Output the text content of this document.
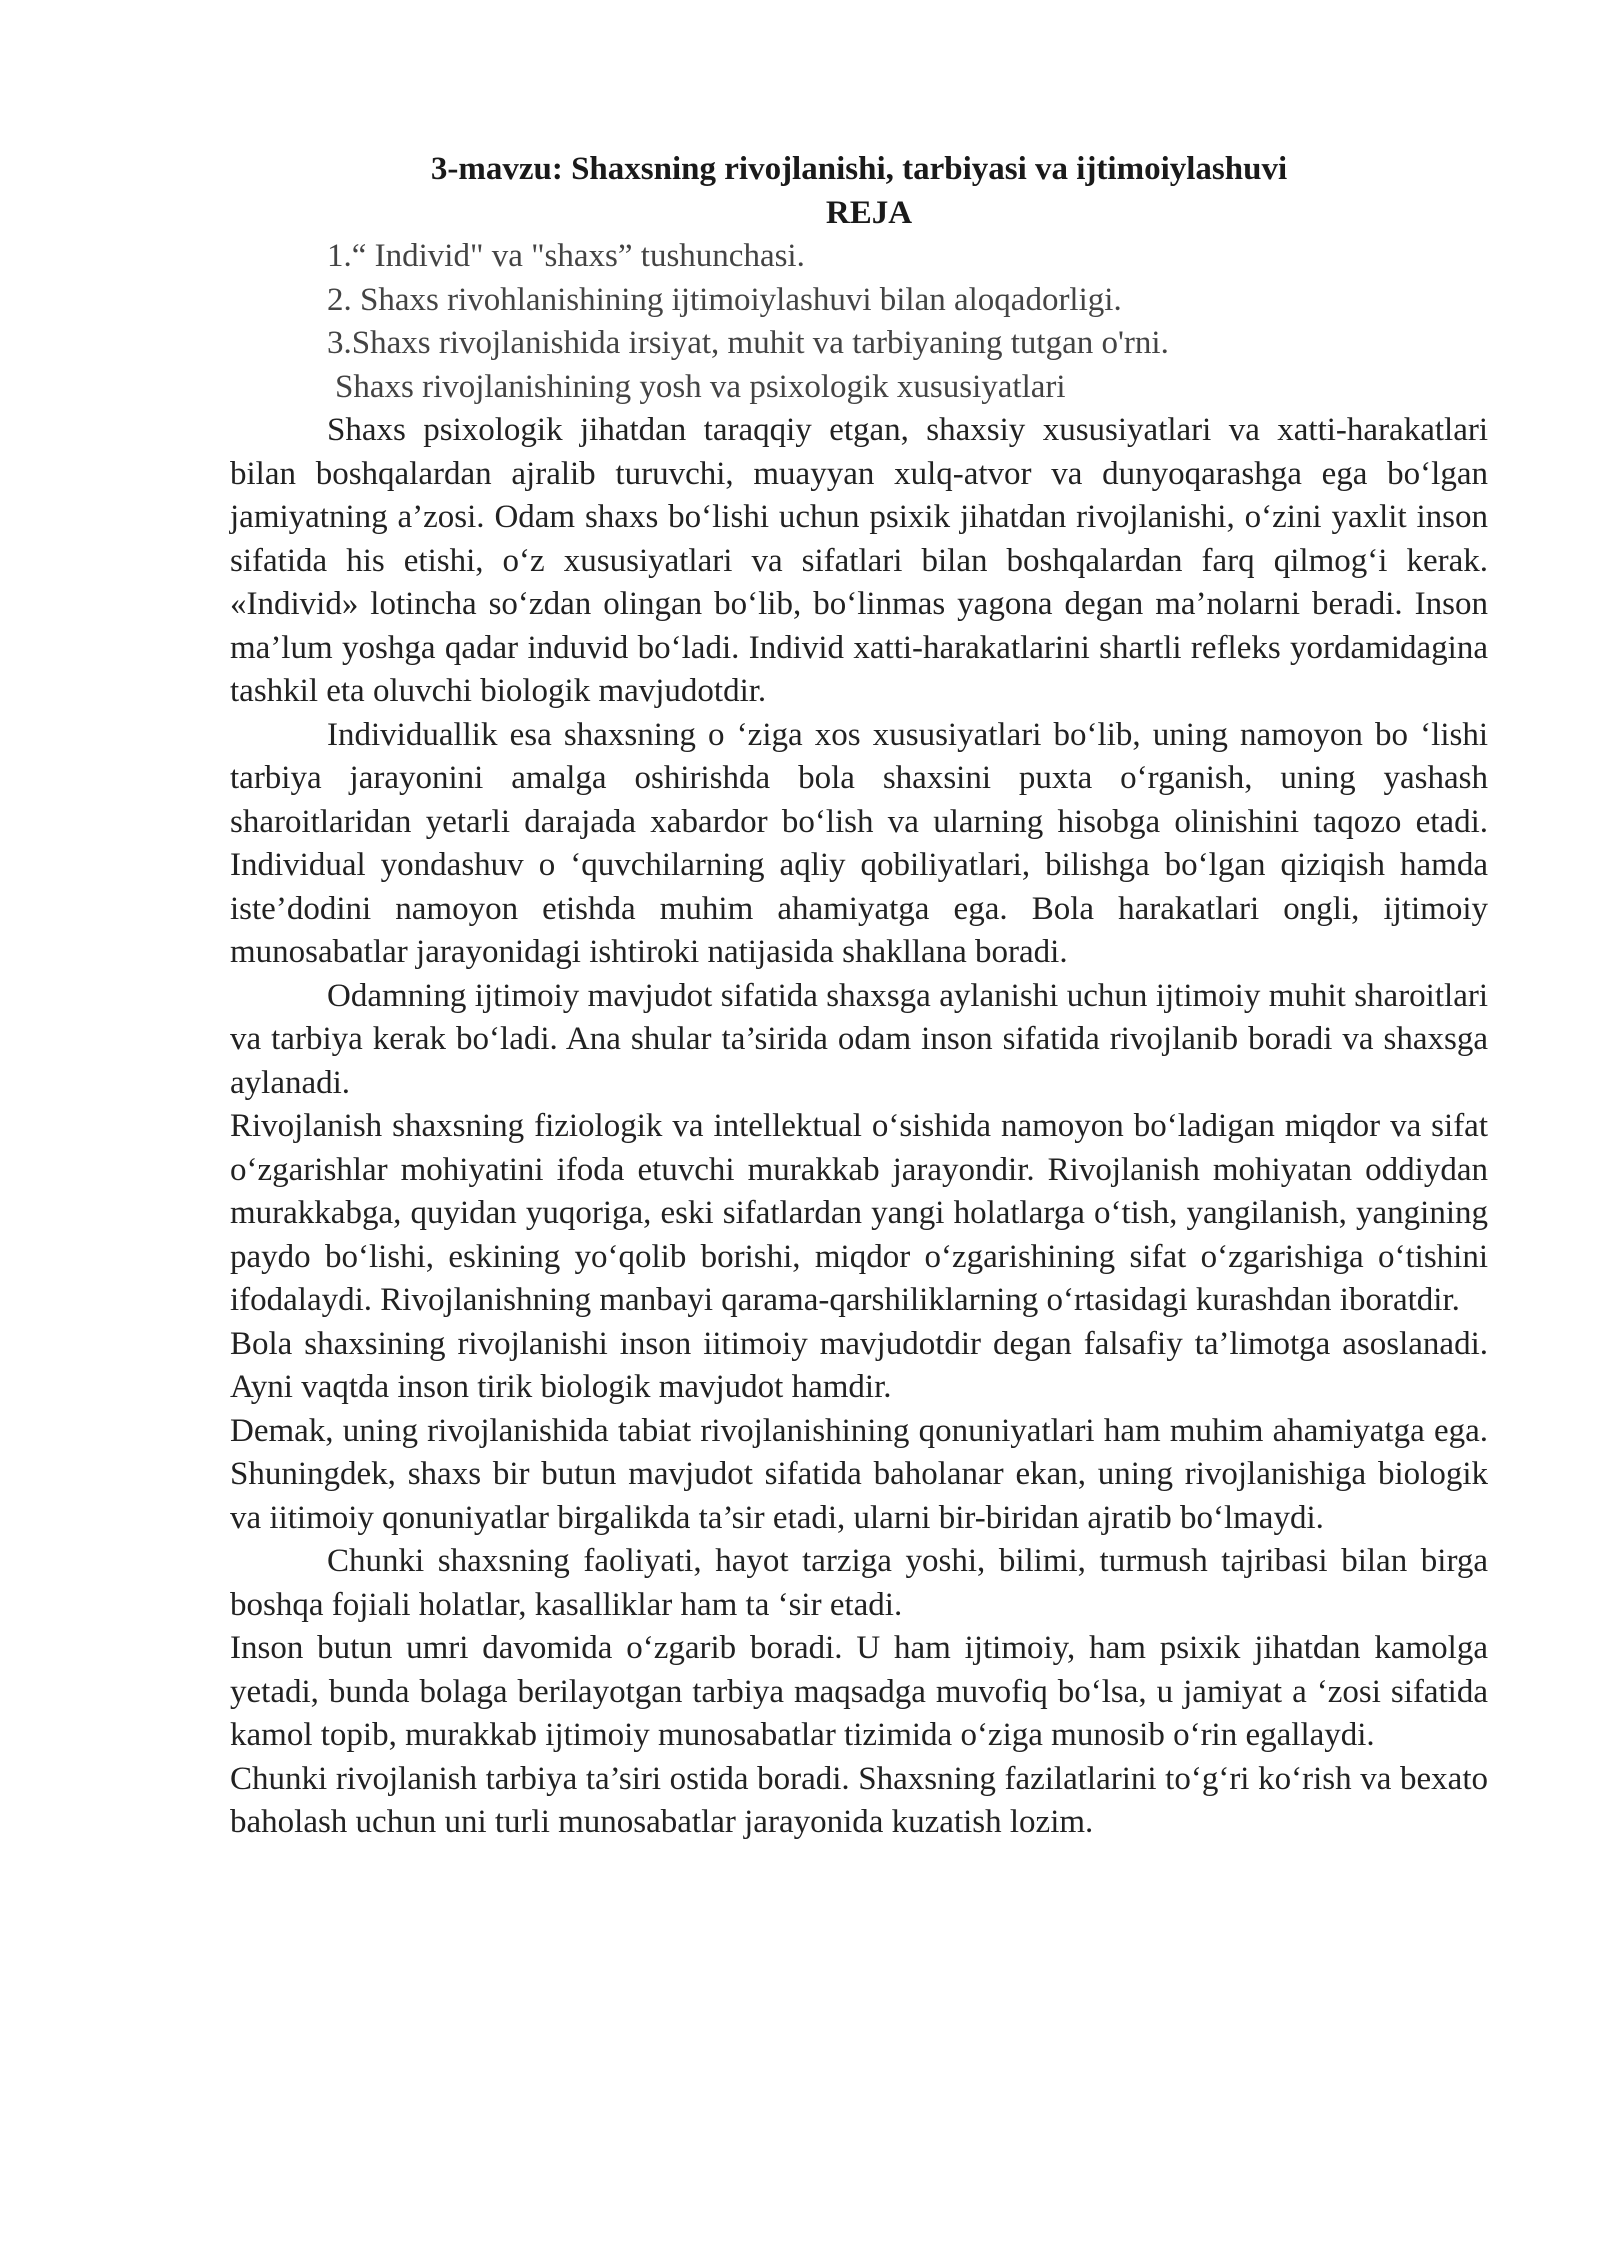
3-mavzu: Shaxsning rivojlanishi, tarbiyasi va ijtimoiylashuvi
REJA
1.“ Individ" va "shaxs” tushunchasi.
2. Shaxs rivohlanishining ijtimoiylashuvi bilan aloqadorligi.
3.Shaxs rivojlanishida irsiyat, muhit va tarbiyaning tutgan o'rni.
Shaxs rivojlanishining yosh va psixologik xususiyatlari

Shaxs psixologik jihatdan taraqqiy etgan, shaxsiy xususiyatlari va xatti-harakatlari bilan boshqalardan ajralib turuvchi, muayyan xulq-atvor va dunyoqarashga ega bo‘lgan jamiyatning a’zosi. Odam shaxs bo‘lishi uchun psixik jihatdan rivojlanishi, o‘zini yaxlit inson sifatida his etishi, o‘z xususiyatlari va sifatlari bilan boshqalardan farq qilmog‘i kerak. «Individ» lotincha so‘zdan olingan bo‘lib, bo‘linmas yagona degan ma’nolarni beradi. Inson ma’lum yoshga qadar induvid bo‘ladi. Individ xatti-harakatlarini shartli refleks yordamidagina tashkil eta oluvchi biologik mavjudotdir.

Individuallik esa shaxsning o ‘ziga xos xususiyatlari bo‘lib, uning namoyon bo ‘lishi tarbiya jarayonini amalga oshirishda bola shaxsini puxta o‘rganish, uning yashash sharoitlaridan yetarli darajada xabardor bo‘lish va ularning hisobga olinishini taqozo etadi. Individual yondashuv o ‘quvchilarning aqliy qobiliyatlari, bilishga bo‘lgan qiziqish hamda iste’dodini namoyon etishda muhim ahamiyatga ega. Bola harakatlari ongli, ijtimoiy munosabatlar jarayonidagi ishtiroki natijasida shakllana boradi.

Odamning ijtimoiy mavjudot sifatida shaxsga aylanishi uchun ijtimoiy muhit sharoitlari va tarbiya kerak bo‘ladi. Ana shular ta’sirida odam inson sifatida rivojlanib boradi va shaxsga aylanadi.

Rivojlanish shaxsning fiziologik va intellektual o‘sishida namoyon bo‘ladigan miqdor va sifat o‘zgarishlar mohiyatini ifoda etuvchi murakkab jarayondir. Rivojlanish mohiyatan oddiydan murakkabga, quyidan yuqoriga, eski sifatlardan yangi holatlarga o‘tish, yangilanish, yangining paydo bo‘lishi, eskining yo‘qolib borishi, miqdor o‘zgarishining sifat o‘zgarishiga o‘tishini ifodalaydi. Rivojlanishning manbayi qarama-qarshiliklarning o‘rtasidagi kurashdan iboratdir.

Bola shaxsining rivojlanishi inson iitimoiy mavjudotdir degan falsafiy ta’limotga asoslanadi. Ayni vaqtda inson tirik biologik mavjudot hamdir.

Demak, uning rivojlanishida tabiat rivojlanishining qonuniyatlari ham muhim ahamiyatga ega. Shuningdek, shaxs bir butun mavjudot sifatida baholanar ekan, uning rivojlanishiga biologik va iitimoiy qonuniyatlar birgalikda ta’sir etadi, ularni bir-biridan ajratib bo‘lmaydi.

Chunki shaxsning faoliyati, hayot tarziga yoshi, bilimi, turmush tajribasi bilan birga boshqa fojiali holatlar, kasalliklar ham ta ‘sir etadi.

Inson butun umri davomida o‘zgarib boradi. U ham ijtimoiy, ham psixik jihatdan kamolga yetadi, bunda bolaga berilayotgan tarbiya maqsadga muvofiq bo‘lsa, u jamiyat a ‘zosi sifatida kamol topib, murakkab ijtimoiy munosabatlar tizimida o‘ziga munosib o‘rin egallaydi.

Chunki rivojlanish tarbiya ta’siri ostida boradi. Shaxsning fazilatlarini to‘g‘ri ko‘rish va bexato baholash uchun uni turli munosabatlar jarayonida kuzatish lozim.
